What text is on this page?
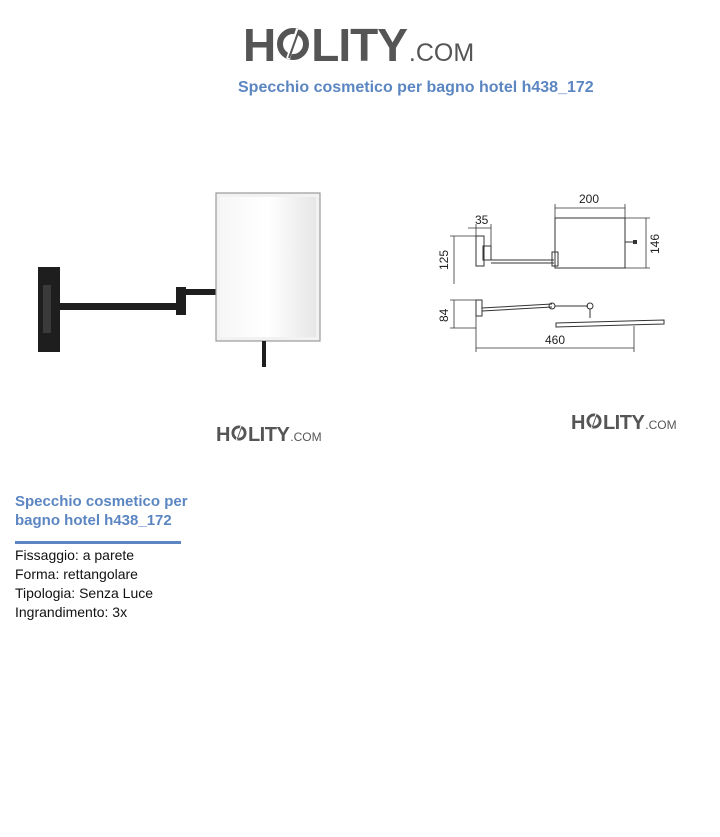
H LITY .COM
Specchio cosmetico per bagno hotel h438_172
200
35
125
146
84
460
H LITY .COM
H LITY .COM
Specchio cosmetico per bagno hotel h438_172
Fissaggio: a parete
Forma: rettangolare
Tipologia: Senza Luce
Ingrandimento: 3x
